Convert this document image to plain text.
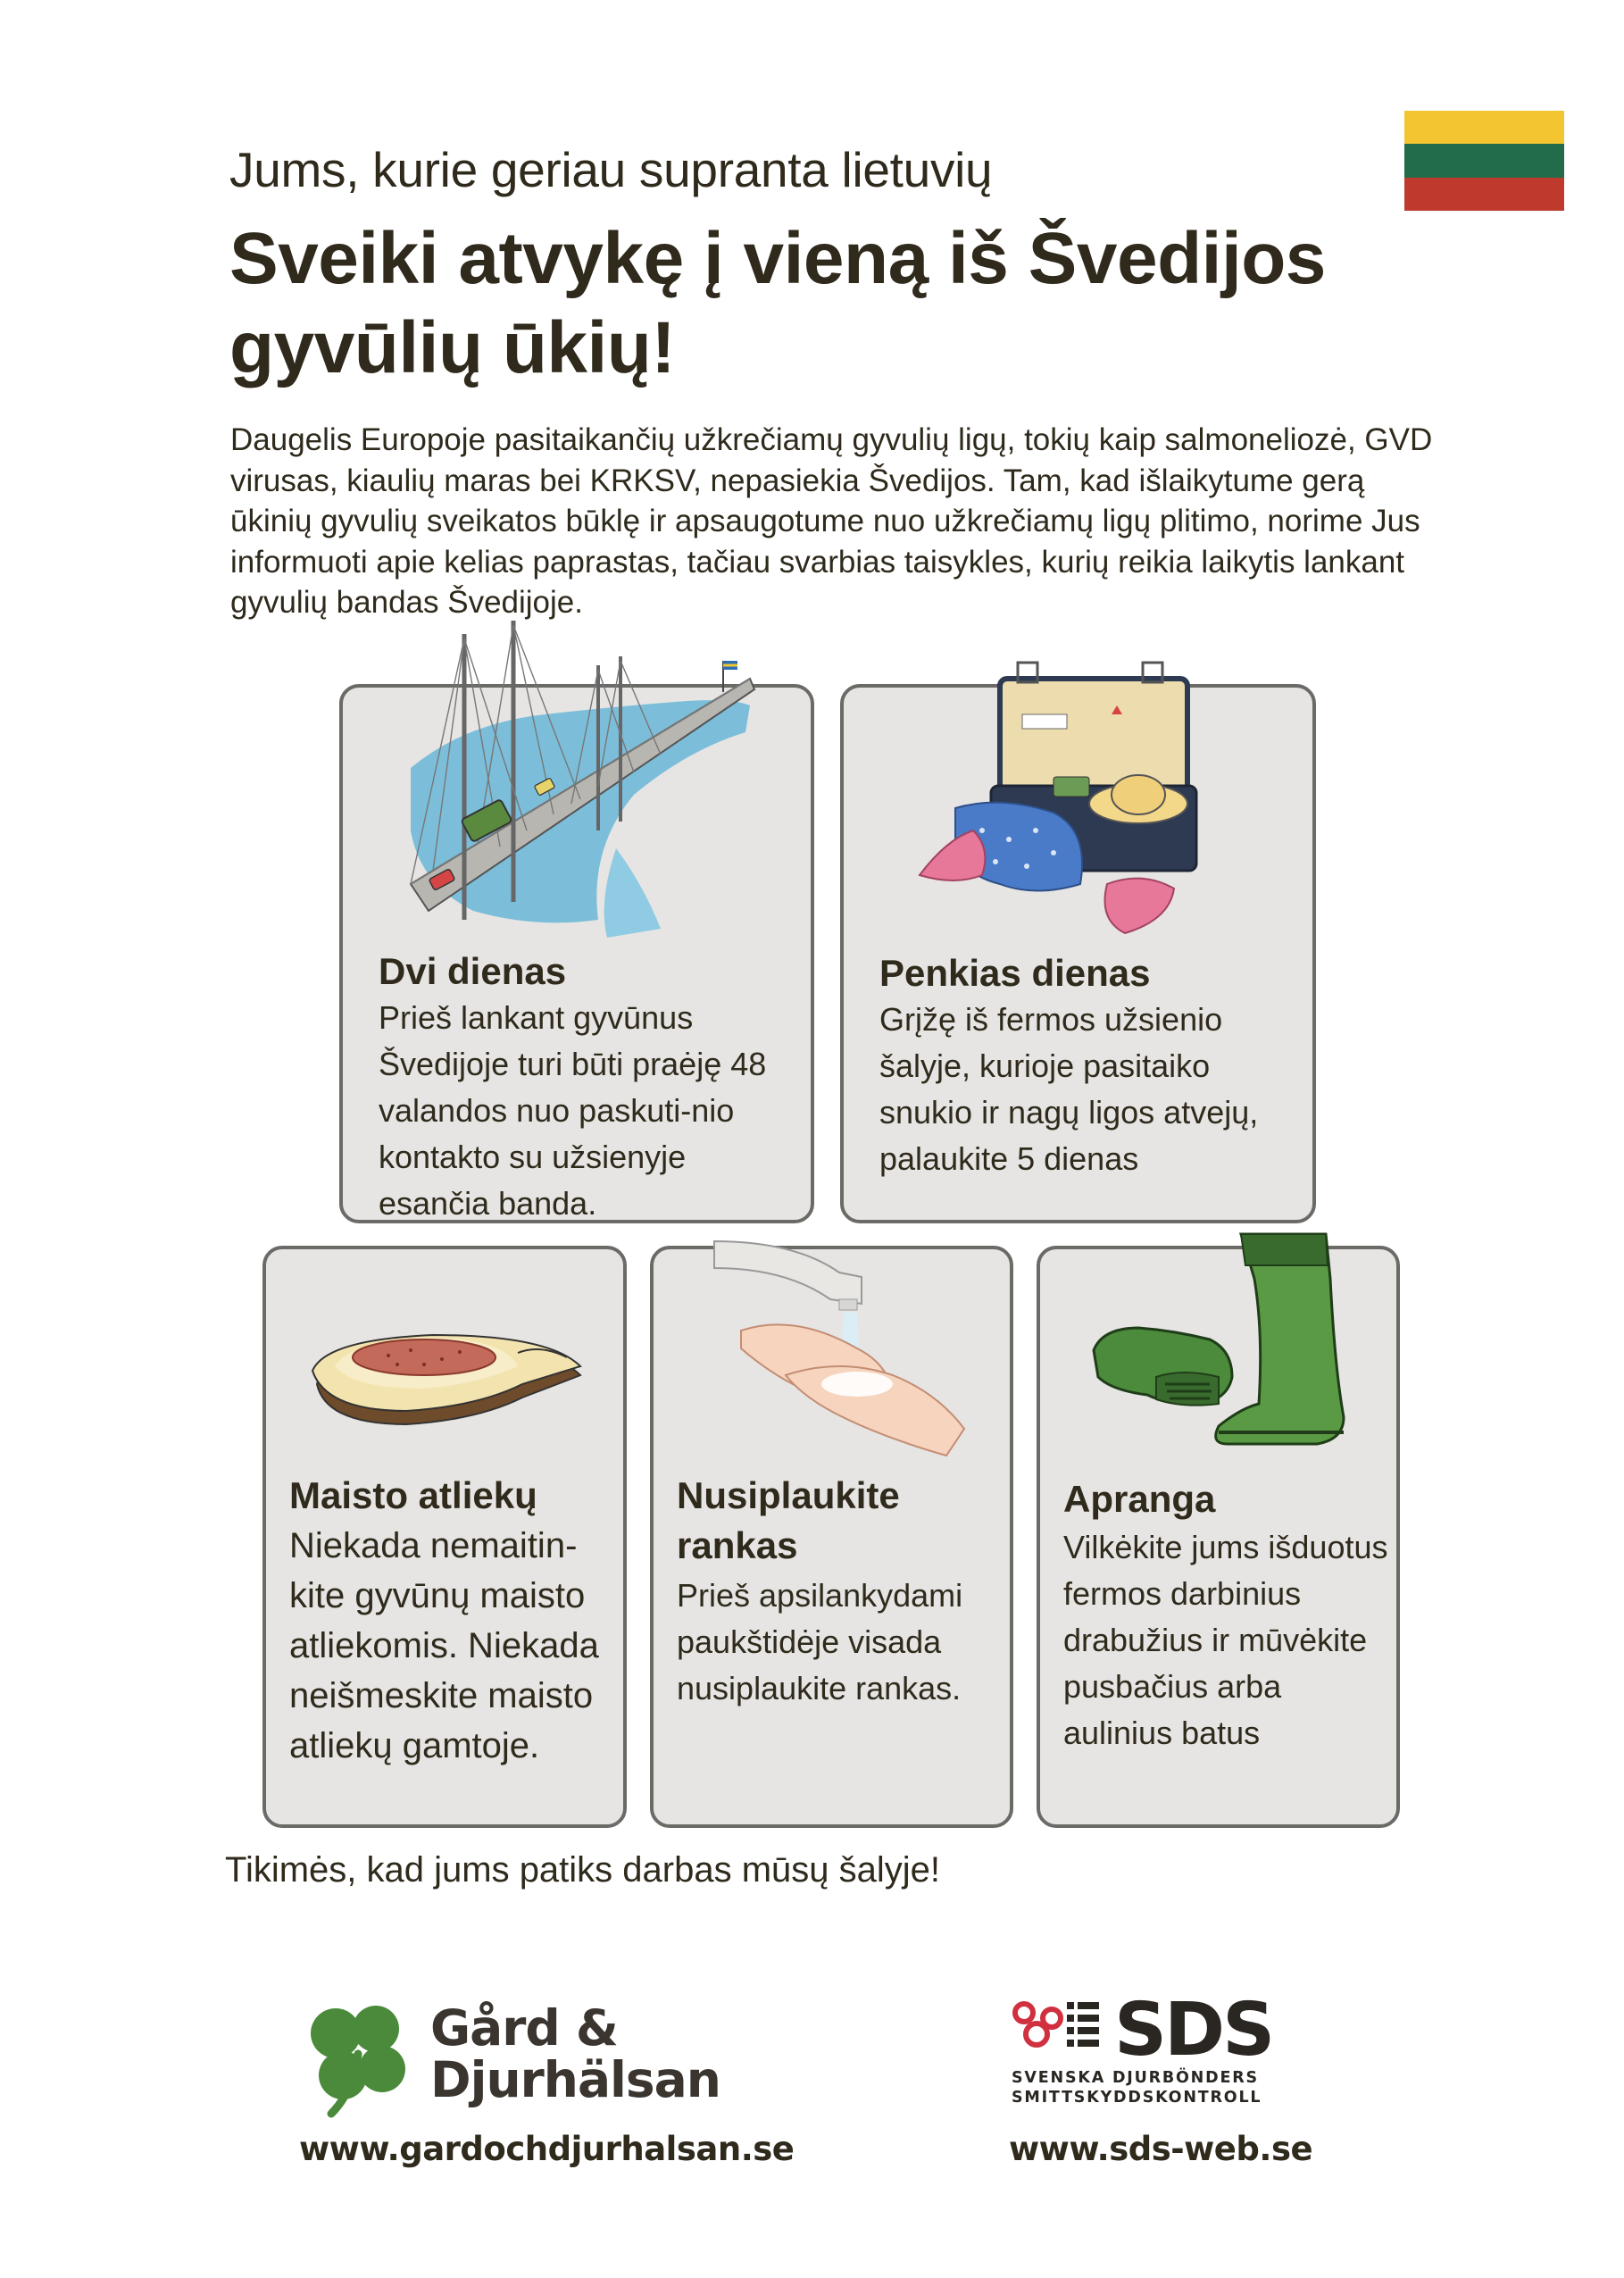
Jums, kurie geriau supranta lietuvių
Sveiki atvykę į vieną iš Švedijos gyvūlių ūkių!
Daugelis Europoje pasitaikančių užkrečiamų gyvulių ligų, tokių kaip salmoneliozė, GVD virusas, kiaulių maras bei KRKSV, nepasiekia Švedijos. Tam, kad išlaikytume gerą ūkinių gyvulių sveikatos būklę ir apsaugotume nuo užkrečiamų ligų plitimo, norime Jus informuoti apie kelias paprastas, tačiau svarbias taisykles, kurių reikia laikytis lankant gyvulių bandas Švedijoje.
Dvi dienas
Prieš lankant gyvūnus Švedijoje turi būti praėję 48 valandos nuo paskuti-nio kontakto su užsienyje esančia banda.
Penkias dienas
Grįžę iš fermos užsienio šalyje, kurioje pasitaiko snukio ir nagų ligos atvejų, palaukite 5 dienas
Maisto atliekų
Niekada nemaitin-kite gyvūnų maisto atliekomis. Niekada neišmeskite maisto atliekų gamtoje.
Nusiplaukite rankas
Prieš apsilankydami paukštidėje visada nusiplaukite rankas.
Apranga
Vilkėkite jums išduotus fermos darbinius drabužius ir mūvėkite pusbačius arba aulinius batus
Tikimės, kad jums patiks darbas mūsų šalyje!
Gård & Djurhälsan
www.gardochdjurhalsan.se
SDS
SVENSKA DJURBÖNDERS SMITTSKYDDSKONTROLL
www.sds-web.se
